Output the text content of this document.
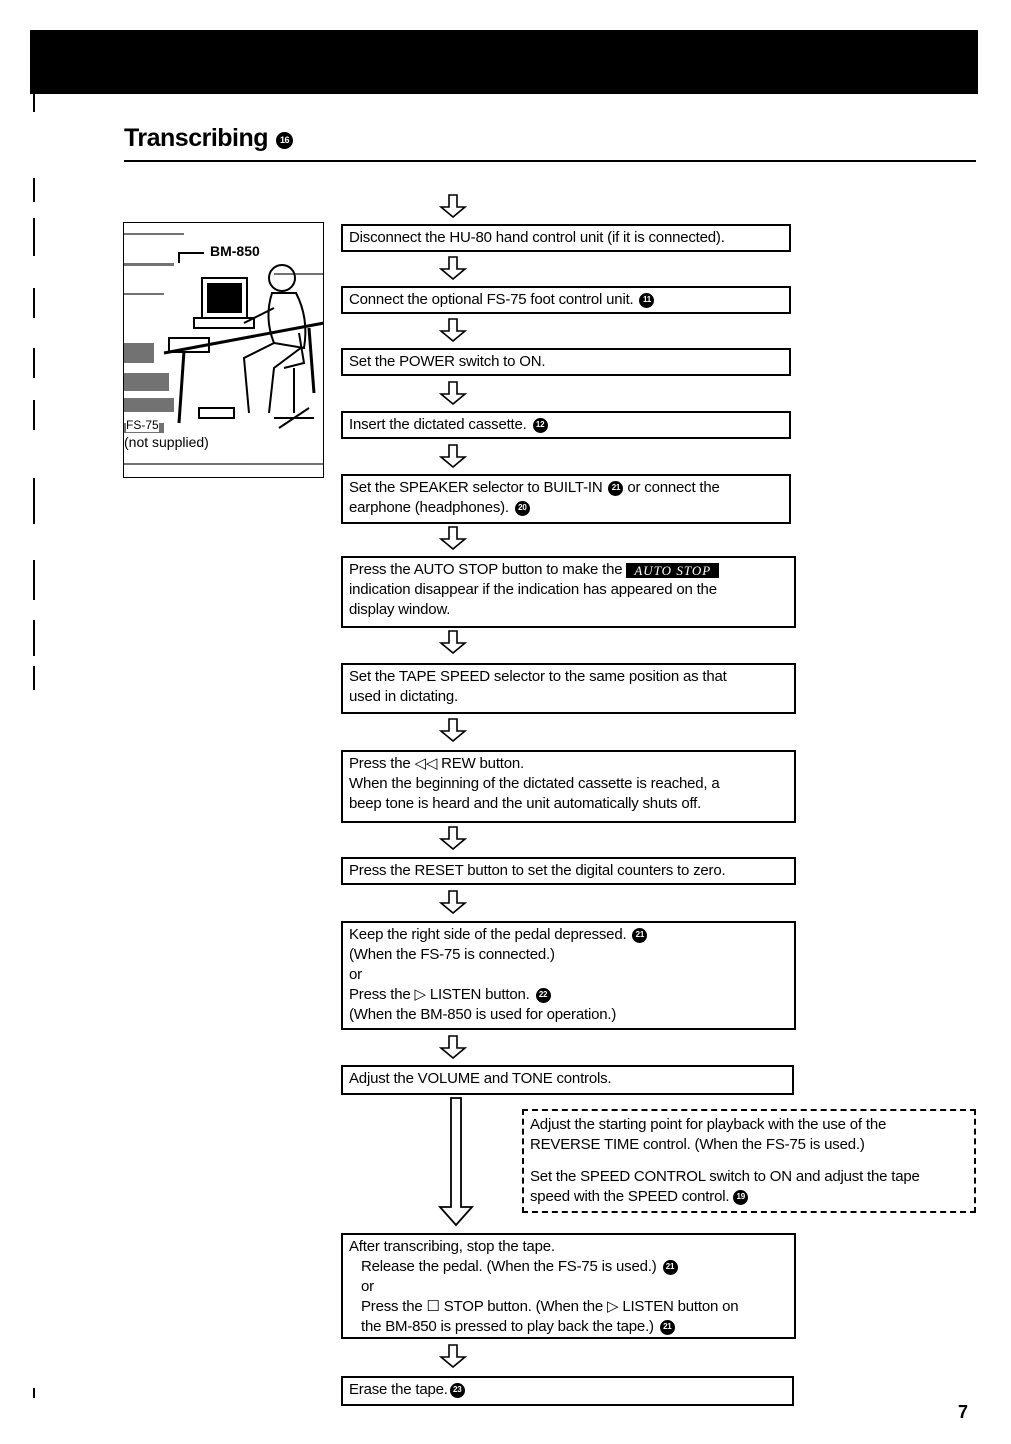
Transcribing	16
BM-850
FS-75
(not supplied)
Disconnect the HU-80 hand control unit (if it is connected).
Connect the optional FS-75 foot control unit. 11
Set the POWER switch to ON.
Insert the dictated cassette. 12
Set the SPEAKER selector to BUILT-IN 21 or connect the
earphone (headphones). 20
Press the AUTO STOP button to make the AUTO STOP
indication disappear if the indication has appeared on the
display window.
Set the TAPE SPEED selector to the same position as that
used in dictating.
Press the ◁◁ REW button.
When the beginning of the dictated cassette is reached, a
beep tone is heard and the unit automatically shuts off.
Press the RESET button to set the digital counters to zero.
Keep the right side of the pedal depressed. 21
(When the FS-75 is connected.)
or
Press the ▷ LISTEN button. 22
(When the BM-850 is used for operation.)
Adjust the VOLUME and TONE controls.
Adjust the starting point for playback with the use of the
REVERSE TIME control. (When the FS-75 is used.)
Set the SPEED CONTROL switch to ON and adjust the tape
speed with the SPEED control. 19
After transcribing, stop the tape.
Release the pedal. (When the FS-75 is used.) 21
or
Press the ☐ STOP button. (When the ▷ LISTEN button on
the BM-850 is pressed to play back the tape.) 21
Erase the tape. 23
7
